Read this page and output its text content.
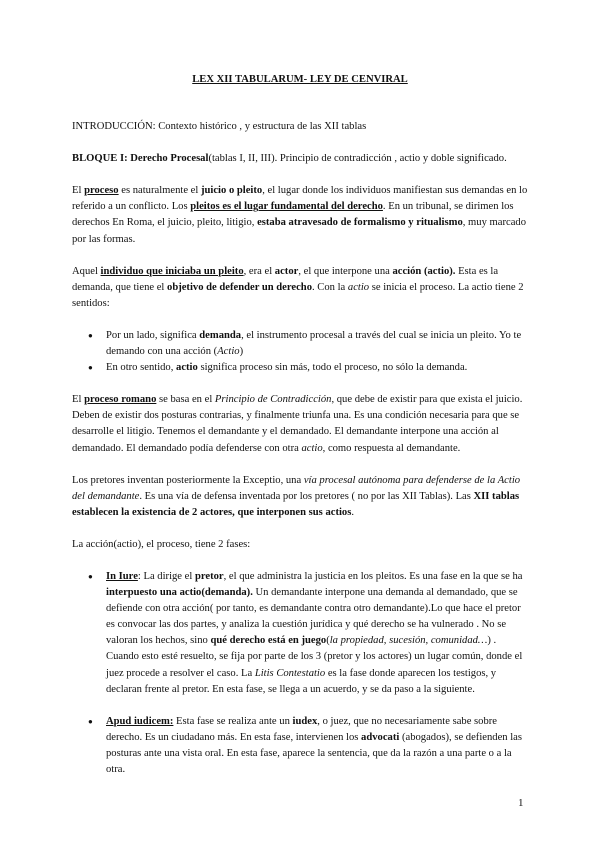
LEX XII TABULARUM- LEY DE CENVIRAL

INTRODUCCIÓN: Contexto histórico , y estructura de las XII tablas

BLOQUE I: Derecho Procesal(tablas I, II, III). Principio de contradicción , actio y doble significado.

El proceso es naturalmente el juicio o pleito, el lugar donde los individuos manifiestan sus demandas en lo referido a un conflicto. Los pleitos es el lugar fundamental del derecho. En un tribunal, se dirimen los derechos En Roma, el juicio, pleito, litigio, estaba atravesado de formalismo y ritualismo, muy marcado por las formas.

Aquel individuo que iniciaba un pleito, era el actor, el que interpone una acción (actio). Esta es la demanda, que tiene el objetivo de defender un derecho. Con la actio se inicia el proceso. La actio tiene 2 sentidos:

● Por un lado, significa demanda, el instrumento procesal a través del cual se inicia un pleito. Yo te demando con una acción (Actio)
● En otro sentido, actio significa proceso sin más, todo el proceso, no sólo la demanda.

El proceso romano se basa en el Principio de Contradicción, que debe de existir para que exista el juicio. Deben de existir dos posturas contrarias, y finalmente triunfa una. Es una condición necesaria para que se desarrolle el litigio. Tenemos el demandante y el demandado. El demandante interpone una acción al demandado. El demandado podía defenderse con otra actio, como respuesta al demandante.

Los pretores inventan posteriormente la Exceptio, una vía procesal autónoma para defenderse de la Actio del demandante. Es una vía de defensa inventada por los pretores ( no por las XII Tablas). Las XII tablas establecen la existencia de 2 actores, que interponen sus actios.

La acción(actio), el proceso, tiene 2 fases:

● In Iure: La dirige el pretor, el que administra la justicia en los pleitos. Es una fase en la que se ha interpuesto una actio(demanda). Un demandante interpone una demanda al demandado, que se defiende con otra acción( por tanto, es demandante contra otro demandante).Lo que hace el pretor es convocar las dos partes, y analiza la cuestión jurídica y qué derecho se ha vulnerado . No se valoran los hechos, sino qué derecho está en juego(la propiedad, sucesión, comunidad…) . Cuando esto esté resuelto, se fija por parte de los 3 (pretor y los actores) un lugar común, donde el juez procede a resolver el caso. La Litis Contestatio es la fase donde aparecen los testigos, y declaran frente al pretor. En esta fase, se llega a un acuerdo, y se da paso a la siguiente.
● Apud iudicem: Esta fase se realiza ante un iudex, o juez, que no necesariamente sabe sobre derecho. Es un ciudadano más. En esta fase, intervienen los advocati (abogados), se defienden las posturas ante una vista oral. En esta fase, aparece la sentencia, que da la razón a una parte o a la otra.
1
